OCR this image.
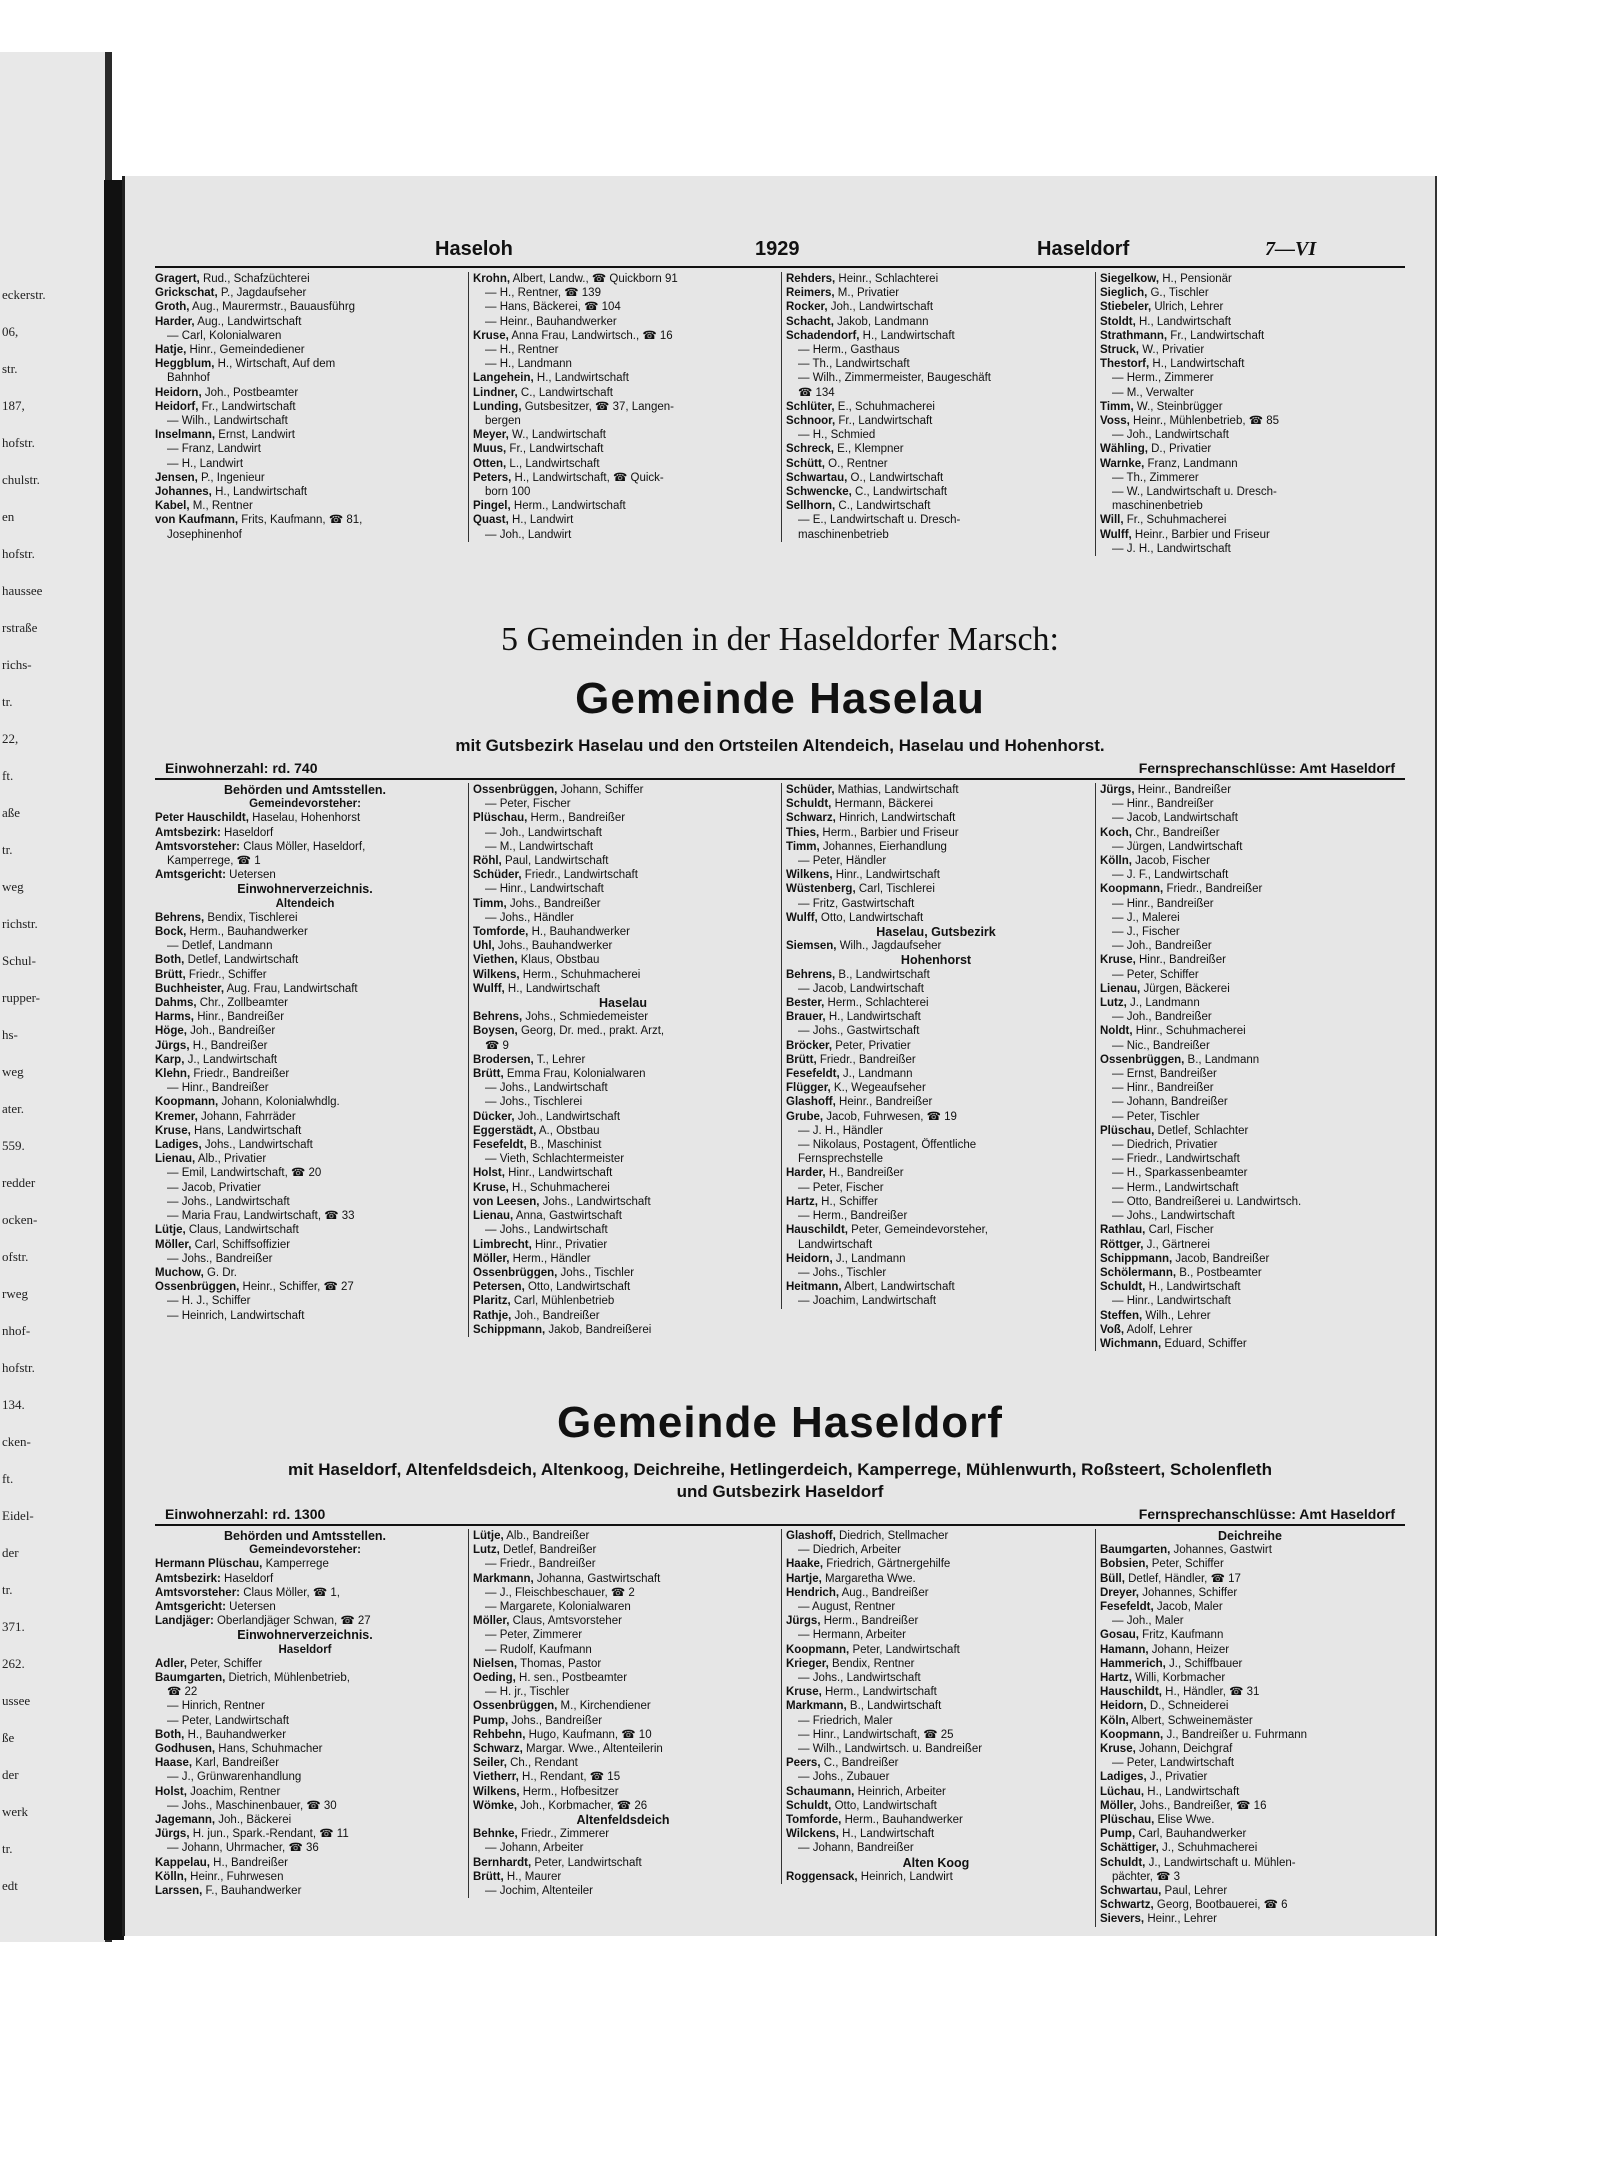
eckerstr.
06,
str.
187,
hofstr.
chulstr.
en
hofstr.
haussee
rstraße
richs-
tr.
22,
ft.
aße
tr.
weg
richstr.
Schul-
rupper-
hs-
weg
ater.
559.
redder
ocken-
ofstr.
rweg
nhof-
hofstr.
134.
cken-
ft.
Eidel-
der
tr.
371.
262.
ussee
ße
der
werk
tr.
edt
Haseloh	1929	Haseldorf	7—VI
Gragert, Rud., Schafzüchterei
Grickschat, P., Jagdaufseher
Groth, Aug., Maurermstr., Bauausführg
Harder, Aug., Landwirtschaft
— Carl, Kolonialwaren
Hatje, Hinr., Gemeindediener
Heggblum, H., Wirtschaft, Auf dem
Bahnhof
Heidorn, Joh., Postbeamter
Heidorf, Fr., Landwirtschaft
— Wilh., Landwirtschaft
Inselmann, Ernst, Landwirt
— Franz, Landwirt
— H., Landwirt
Jensen, P., Ingenieur
Johannes, H., Landwirtschaft
Kabel, M., Rentner
von Kaufmann, Frits, Kaufmann, ☎ 81,
Josephinenhof
Krohn, Albert, Landw., ☎ Quickborn 91
— H., Rentner, ☎ 139
— Hans, Bäckerei, ☎ 104
— Heinr., Bauhandwerker
Kruse, Anna Frau, Landwirtsch., ☎ 16
— H., Rentner
— H., Landmann
Langehein, H., Landwirtschaft
Lindner, C., Landwirtschaft
Lunding, Gutsbesitzer, ☎ 37, Langen-
bergen
Meyer, W., Landwirtschaft
Muus, Fr., Landwirtschaft
Otten, L., Landwirtschaft
Peters, H., Landwirtschaft, ☎ Quick-
born 100
Pingel, Herm., Landwirtschaft
Quast, H., Landwirt
— Joh., Landwirt
Rehders, Heinr., Schlachterei
Reimers, M., Privatier
Rocker, Joh., Landwirtschaft
Schacht, Jakob, Landmann
Schadendorf, H., Landwirtschaft
— Herm., Gasthaus
— Th., Landwirtschaft
— Wilh., Zimmermeister, Baugeschäft
☎ 134
Schlüter, E., Schuhmacherei
Schnoor, Fr., Landwirtschaft
— H., Schmied
Schreck, E., Klempner
Schütt, O., Rentner
Schwartau, O., Landwirtschaft
Schwencke, C., Landwirtschaft
Sellhorn, C., Landwirtschaft
— E., Landwirtschaft u. Dresch-
maschinenbetrieb
Siegelkow, H., Pensionär
Sieglich, G., Tischler
Stiebeler, Ulrich, Lehrer
Stoldt, H., Landwirtschaft
Strathmann, Fr., Landwirtschaft
Struck, W., Privatier
Thestorf, H., Landwirtschaft
— Herm., Zimmerer
— M., Verwalter
Timm, W., Steinbrügger
Voss, Heinr., Mühlenbetrieb, ☎ 85
— Joh., Landwirtschaft
Wähling, D., Privatier
Warnke, Franz, Landmann
— Th., Zimmerer
— W., Landwirtschaft u. Dresch-
maschinenbetrieb
Will, Fr., Schuhmacherei
Wulff, Heinr., Barbier und Friseur
— J. H., Landwirtschaft
5 Gemeinden in der Haseldorfer Marsch:
Gemeinde Haselau
mit Gutsbezirk Haselau und den Ortsteilen Altendeich, Haselau und Hohenhorst.
Einwohnerzahl: rd. 740	Fernsprechanschlüsse: Amt Haseldorf
Behörden und Amtsstellen.
Gemeindevorsteher:
Peter Hauschildt, Haselau, Hohenhorst
Amtsbezirk: Haseldorf
Amtsvorsteher: Claus Möller, Haseldorf,
Kamperrege, ☎ 1
Amtsgericht: Uetersen
Einwohnerverzeichnis.
Altendeich
Behrens, Bendix, Tischlerei
Bock, Herm., Bauhandwerker
— Detlef, Landmann
Both, Detlef, Landwirtschaft
Brütt, Friedr., Schiffer
Buchheister, Aug. Frau, Landwirtschaft
Dahms, Chr., Zollbeamter
Harms, Hinr., Bandreißer
Höge, Joh., Bandreißer
Jürgs, H., Bandreißer
Karp, J., Landwirtschaft
Klehn, Friedr., Bandreißer
— Hinr., Bandreißer
Koopmann, Johann, Kolonialwhdlg.
Kremer, Johann, Fahrräder
Kruse, Hans, Landwirtschaft
Ladiges, Johs., Landwirtschaft
Lienau, Alb., Privatier
— Emil, Landwirtschaft, ☎ 20
— Jacob, Privatier
— Johs., Landwirtschaft
— Maria Frau, Landwirtschaft, ☎ 33
Lütje, Claus, Landwirtschaft
Möller, Carl, Schiffsoffizier
— Johs., Bandreißer
Muchow, G. Dr.
Ossenbrüggen, Heinr., Schiffer, ☎ 27
— H. J., Schiffer
— Heinrich, Landwirtschaft
Ossenbrüggen, Johann, Schiffer
— Peter, Fischer
Plüschau, Herm., Bandreißer
— Joh., Landwirtschaft
— M., Landwirtschaft
Röhl, Paul, Landwirtschaft
Schüder, Friedr., Landwirtschaft
— Hinr., Landwirtschaft
Timm, Johs., Bandreißer
— Johs., Händler
Tomforde, H., Bauhandwerker
Uhl, Johs., Bauhandwerker
Viethen, Klaus, Obstbau
Wilkens, Herm., Schuhmacherei
Wulff, H., Landwirtschaft
Haselau
Behrens, Johs., Schmiedemeister
Boysen, Georg, Dr. med., prakt. Arzt,
☎ 9
Brodersen, T., Lehrer
Brütt, Emma Frau, Kolonialwaren
— Johs., Landwirtschaft
— Johs., Tischlerei
Dücker, Joh., Landwirtschaft
Eggerstädt, A., Obstbau
Fesefeldt, B., Maschinist
— Vieth, Schlachtermeister
Holst, Hinr., Landwirtschaft
Kruse, H., Schuhmacherei
von Leesen, Johs., Landwirtschaft
Lienau, Anna, Gastwirtschaft
— Johs., Landwirtschaft
Limbrecht, Hinr., Privatier
Möller, Herm., Händler
Ossenbrüggen, Johs., Tischler
Petersen, Otto, Landwirtschaft
Plaritz, Carl, Mühlenbetrieb
Rathje, Joh., Bandreißer
Schippmann, Jakob, Bandreißerei
Schüder, Mathias, Landwirtschaft
Schuldt, Hermann, Bäckerei
Schwarz, Hinrich, Landwirtschaft
Thies, Herm., Barbier und Friseur
Timm, Johannes, Eierhandlung
— Peter, Händler
Wilkens, Hinr., Landwirtschaft
Wüstenberg, Carl, Tischlerei
— Fritz, Gastwirtschaft
Wulff, Otto, Landwirtschaft
Haselau, Gutsbezirk
Siemsen, Wilh., Jagdaufseher
Hohenhorst
Behrens, B., Landwirtschaft
— Jacob, Landwirtschaft
Bester, Herm., Schlachterei
Brauer, H., Landwirtschaft
— Johs., Gastwirtschaft
Bröcker, Peter, Privatier
Brütt, Friedr., Bandreißer
Fesefeldt, J., Landmann
Flügger, K., Wegeaufseher
Glashoff, Heinr., Bandreißer
Grube, Jacob, Fuhrwesen, ☎ 19
— J. H., Händler
— Nikolaus, Postagent, Öffentliche
Fernsprechstelle
Harder, H., Bandreißer
— Peter, Fischer
Hartz, H., Schiffer
— Herm., Bandreißer
Hauschildt, Peter, Gemeindevorsteher,
Landwirtschaft
Heidorn, J., Landmann
— Johs., Tischler
Heitmann, Albert, Landwirtschaft
— Joachim, Landwirtschaft
Jürgs, Heinr., Bandreißer
— Hinr., Bandreißer
— Jacob, Landwirtschaft
Koch, Chr., Bandreißer
— Jürgen, Landwirtschaft
Kölln, Jacob, Fischer
— J. F., Landwirtschaft
Koopmann, Friedr., Bandreißer
— Hinr., Bandreißer
— J., Malerei
— J., Fischer
— Joh., Bandreißer
Kruse, Hinr., Bandreißer
— Peter, Schiffer
Lienau, Jürgen, Bäckerei
Lutz, J., Landmann
— Joh., Bandreißer
Noldt, Hinr., Schuhmacherei
— Nic., Bandreißer
Ossenbrüggen, B., Landmann
— Ernst, Bandreißer
— Hinr., Bandreißer
— Johann, Bandreißer
— Peter, Tischler
Plüschau, Detlef, Schlachter
— Diedrich, Privatier
— Friedr., Landwirtschaft
— H., Sparkassenbeamter
— Herm., Landwirtschaft
— Otto, Bandreißerei u. Landwirtsch.
— Johs., Landwirtschaft
Rathlau, Carl, Fischer
Röttger, J., Gärtnerei
Schippmann, Jacob, Bandreißer
Schölermann, B., Postbeamter
Schuldt, H., Landwirtschaft
— Hinr., Landwirtschaft
Steffen, Wilh., Lehrer
Voß, Adolf, Lehrer
Wichmann, Eduard, Schiffer
Gemeinde Haseldorf
mit Haseldorf, Altenfeldsdeich, Altenkoog, Deichreihe, Hetlingerdeich, Kamperrege, Mühlenwurth, Roßsteert, Scholenfleth
und Gutsbezirk Haseldorf
Einwohnerzahl: rd. 1300	Fernsprechanschlüsse: Amt Haseldorf
Behörden und Amtsstellen.
Gemeindevorsteher:
Hermann Plüschau, Kamperrege
Amtsbezirk: Haseldorf
Amtsvorsteher: Claus Möller, ☎ 1,
Amtsgericht: Uetersen
Landjäger: Oberlandjäger Schwan, ☎ 27
Einwohnerverzeichnis.
Haseldorf
Adler, Peter, Schiffer
Baumgarten, Dietrich, Mühlenbetrieb,
☎ 22
— Hinrich, Rentner
— Peter, Landwirtschaft
Both, H., Bauhandwerker
Godhusen, Hans, Schuhmacher
Haase, Karl, Bandreißer
— J., Grünwarenhandlung
Holst, Joachim, Rentner
— Johs., Maschinenbauer, ☎ 30
Jagemann, Joh., Bäckerei
Jürgs, H. jun., Spark.-Rendant, ☎ 11
— Johann, Uhrmacher, ☎ 36
Kappelau, H., Bandreißer
Kölln, Heinr., Fuhrwesen
Larssen, F., Bauhandwerker
Lütje, Alb., Bandreißer
Lutz, Detlef, Bandreißer
— Friedr., Bandreißer
Markmann, Johanna, Gastwirtschaft
— J., Fleischbeschauer, ☎ 2
— Margarete, Kolonialwaren
Möller, Claus, Amtsvorsteher
— Peter, Zimmerer
— Rudolf, Kaufmann
Nielsen, Thomas, Pastor
Oeding, H. sen., Postbeamter
— H. jr., Tischler
Ossenbrüggen, M., Kirchendiener
Pump, Johs., Bandreißer
Rehbehn, Hugo, Kaufmann, ☎ 10
Schwarz, Margar. Wwe., Altenteilerin
Seiler, Ch., Rendant
Vietherr, H., Rendant, ☎ 15
Wilkens, Herm., Hofbesitzer
Wömke, Joh., Korbmacher, ☎ 26
Altenfeldsdeich
Behnke, Friedr., Zimmerer
— Johann, Arbeiter
Bernhardt, Peter, Landwirtschaft
Brütt, H., Maurer
— Jochim, Altenteiler
Glashoff, Diedrich, Stellmacher
— Diedrich, Arbeiter
Haake, Friedrich, Gärtnergehilfe
Hartje, Margaretha Wwe.
Hendrich, Aug., Bandreißer
— August, Rentner
Jürgs, Herm., Bandreißer
— Hermann, Arbeiter
Koopmann, Peter, Landwirtschaft
Krieger, Bendix, Rentner
— Johs., Landwirtschaft
Kruse, Herm., Landwirtschaft
Markmann, B., Landwirtschaft
— Friedrich, Maler
— Hinr., Landwirtschaft, ☎ 25
— Wilh., Landwirtsch. u. Bandreißer
Peers, C., Bandreißer
— Johs., Zubauer
Schaumann, Heinrich, Arbeiter
Schuldt, Otto, Landwirtschaft
Tomforde, Herm., Bauhandwerker
Wilckens, H., Landwirtschaft
— Johann, Bandreißer
Alten Koog
Roggensack, Heinrich, Landwirt
Deichreihe
Baumgarten, Johannes, Gastwirt
Bobsien, Peter, Schiffer
Büll, Detlef, Händler, ☎ 17
Dreyer, Johannes, Schiffer
Fesefeldt, Jacob, Maler
— Joh., Maler
Gosau, Fritz, Kaufmann
Hamann, Johann, Heizer
Hammerich, J., Schiffbauer
Hartz, Willi, Korbmacher
Hauschildt, H., Händler, ☎ 31
Heidorn, D., Schneiderei
Köln, Albert, Schweinemäster
Koopmann, J., Bandreißer u. Fuhrmann
Kruse, Johann, Deichgraf
— Peter, Landwirtschaft
Ladiges, J., Privatier
Lüchau, H., Landwirtschaft
Möller, Johs., Bandreißer, ☎ 16
Plüschau, Elise Wwe.
Pump, Carl, Bauhandwerker
Schättiger, J., Schuhmacherei
Schuldt, J., Landwirtschaft u. Mühlen-
pächter, ☎ 3
Schwartau, Paul, Lehrer
Schwartz, Georg, Bootbauerei, ☎ 6
Sievers, Heinr., Lehrer
